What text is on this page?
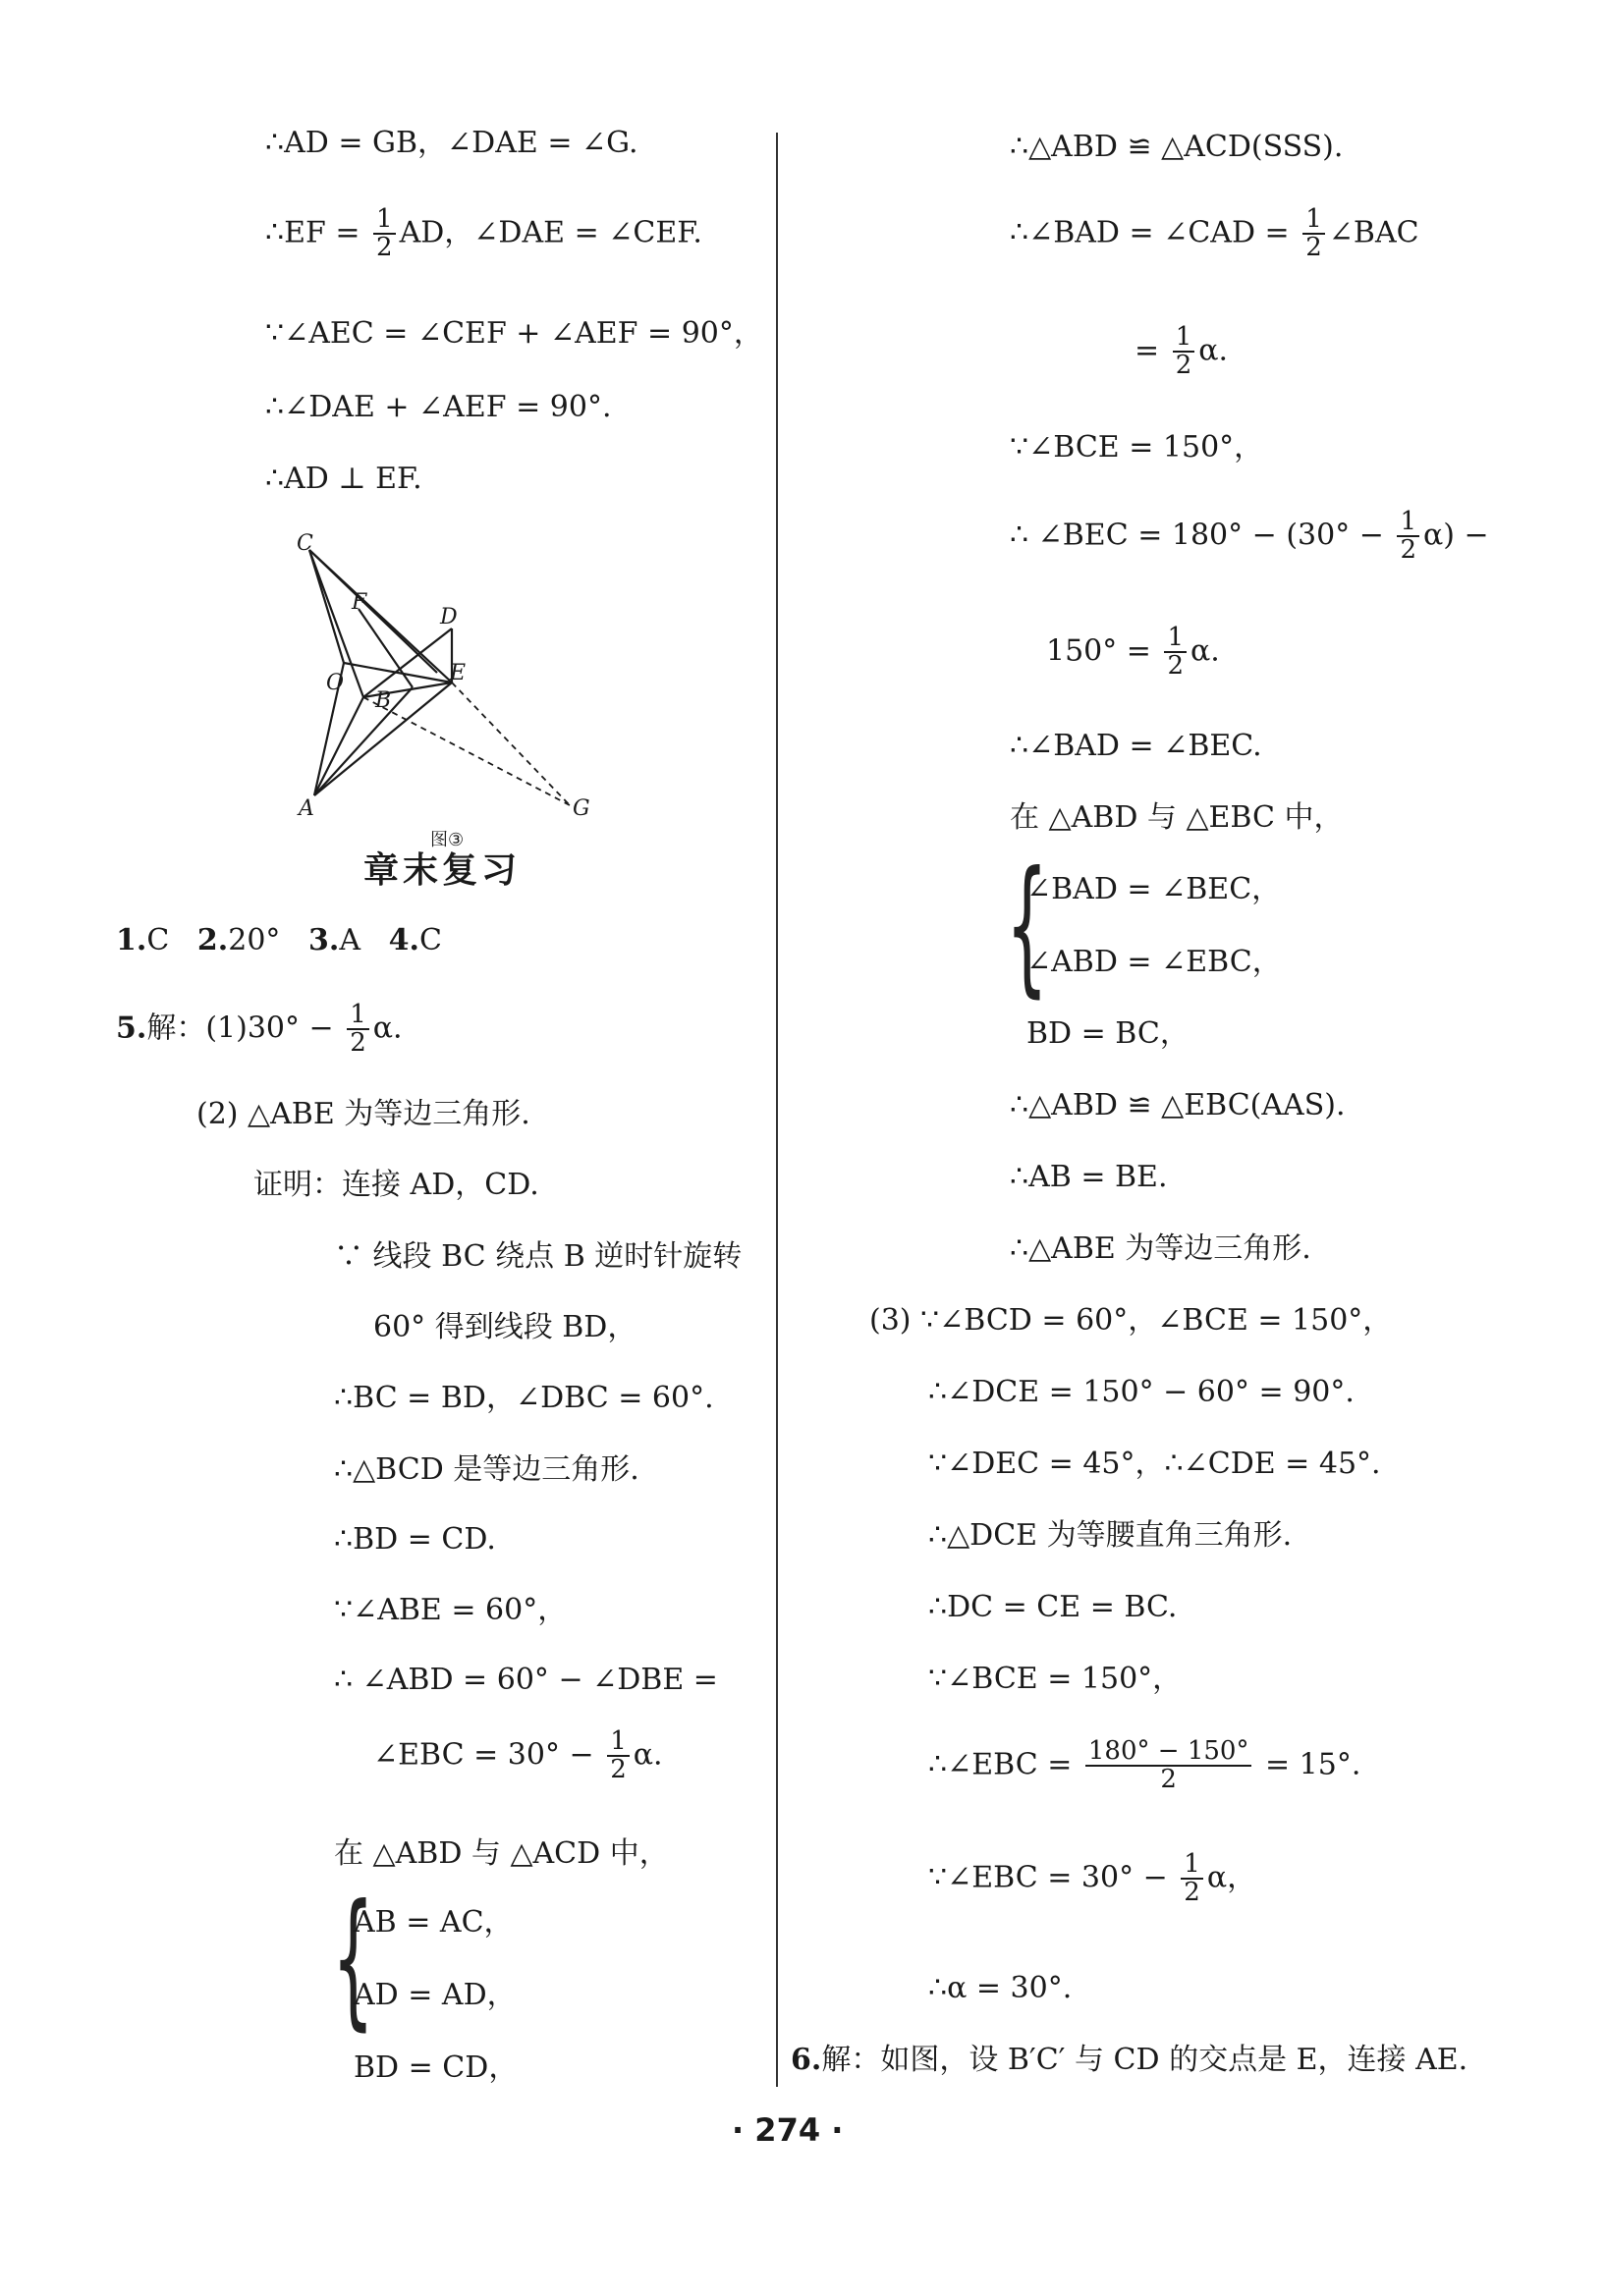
∴AD = GB，∠DAE = ∠G.
∴EF = $\frac{1}{2}$ AD，∠DAE = ∠CEF.
∵∠AEC = ∠CEF + ∠AEF = 90°，
∴∠DAE + ∠AEF = 90°.
∴AD ⊥ EF.
C
F
D
O
B
E
A	G
图③
章末复习
1.C 2.20° 3.A 4.C
5.解：$(1)30^\circ - \frac{1}{2} \alpha$.
(2) △ABE 为等边三角形.
证明：连接 AD，CD.
∵ 线段 BC 绕点 B 逆时针旋转
60° 得到线段 BD，
∴BC = BD，∠DBC = 60°.
∴△BCD 是等边三角形.
∴BD = CD.
∵∠ABE = 60°，
∴ ∠ABD = 60° − ∠DBE =
∠EBC = $30^\circ - \frac{1}{2} \alpha$.
在 △ABD 与 △ACD 中，
{
AB = AC，
AD = AD，
BD = CD，
∴△ABD ≌ △ACD(SSS).
∴∠BAD = ∠CAD = $\frac{1}{2}$ ∠BAC
= $\frac{1}{2} \alpha$.
∵∠BCE = 150°，
∴ ∠BEC = $180^\circ - (30^\circ - \frac{1}{2} \alpha)$ −
$150^\circ = \frac{1}{2} \alpha$.
∴∠BAD = ∠BEC.
在 △ABD 与 △EBC 中，
{
∠BAD = ∠BEC，
∠ABD = ∠EBC，
BD = BC，
∴△ABD ≌ △EBC(AAS).
∴AB = BE.
∴△ABE 为等边三角形.
(3) ∵∠BCD = 60°，∠BCE = 150°，
∴∠DCE = 150° − 60° = 90°.
∵∠DEC = 45°，∴∠CDE = 45°.
∴△DCE 为等腰直角三角形.
∴DC = CE = BC.
∵∠BCE = 150°，
∴∠EBC = $\frac{180^\circ - 150^\circ}{2} = 15^\circ$.
∵∠EBC = $30^\circ - \frac{1}{2}$ α，
∴α = 30°.
6.解：如图，设 B′C′ 与 CD 的交点是 E，连接 AE.
· 274 ·
